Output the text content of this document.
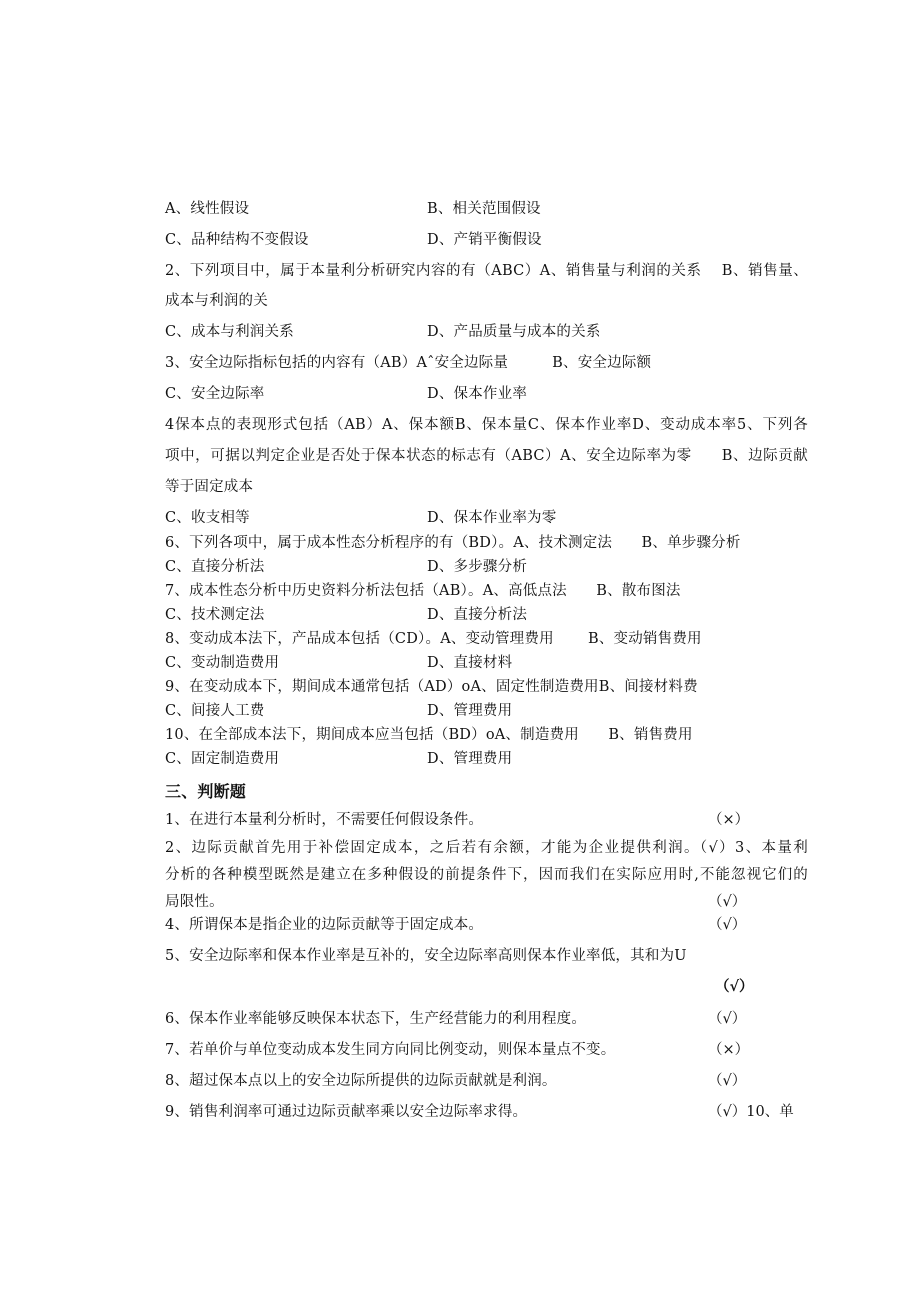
A、线性假设	B、相关范围假设
C、品种结构不变假设	D、产销平衡假设
2、下列项目中，属于本量利分析研究内容的有（ABC）A、销售量与利润的关系　 B、销售量、
成本与利润的关
C、成本与利润关系	D、产品质量与成本的关系
3、安全边际指标包括的内容有（AB）Aˆ安全边际量　　　B、安全边际额
C、安全边际率	D、保本作业率
4保本点的表现形式包括（AB）A、保本额B、保本量C、保本作业率D、变动成本率5、下列各
项中，可据以判定企业是否处于保本状态的标志有（ABC）A、安全边际率为零　　B、边际贡献
等于固定成本
C、收支相等	D、保本作业率为零
6、下列各项中，属于成本性态分析程序的有（BD）。A、技术测定法　　B、单步骤分析
C、直接分析法	D、多步骤分析
7、成本性态分析中历史资料分析法包括（AB）。A、高低点法　　B、散布图法
C、技术测定法	D、直接分析法
8、变动成本法下，产品成本包括（CD）。A、变动管理费用　　 B、变动销售费用
C、变动制造费用	D、直接材料
9、在变动成本下，期间成本通常包括（AD）oA、固定性制造费用B、间接材料费
C、间接人工费	D、管理费用
10、在全部成本法下，期间成本应当包括（BD）oA、制造费用　　B、销售费用
C、固定制造费用	D、管理费用
三、判断题
1、在进行本量利分析时，不需要任何假设条件。	（×）
2、边际贡献首先用于补偿固定成本，之后若有余额，才能为企业提供利润。（√）3、本量利
分析的各种模型既然是建立在多种假设的前提条件下，因而我们在实际应用时,不能忽视它们的
局限性。	（√）
4、所谓保本是指企业的边际贡献等于固定成本。	（√）
5、安全边际率和保本作业率是互补的，安全边际率高则保本作业率低，其和为U
（√）
6、保本作业率能够反映保本状态下，生产经营能力的利用程度。	（√）
7、若单价与单位变动成本发生同方向同比例变动，则保本量点不变。	（×）
8、超过保本点以上的安全边际所提供的边际贡献就是利润。	（√）
9、销售利润率可通过边际贡献率乘以安全边际率求得。	（√）10、单
